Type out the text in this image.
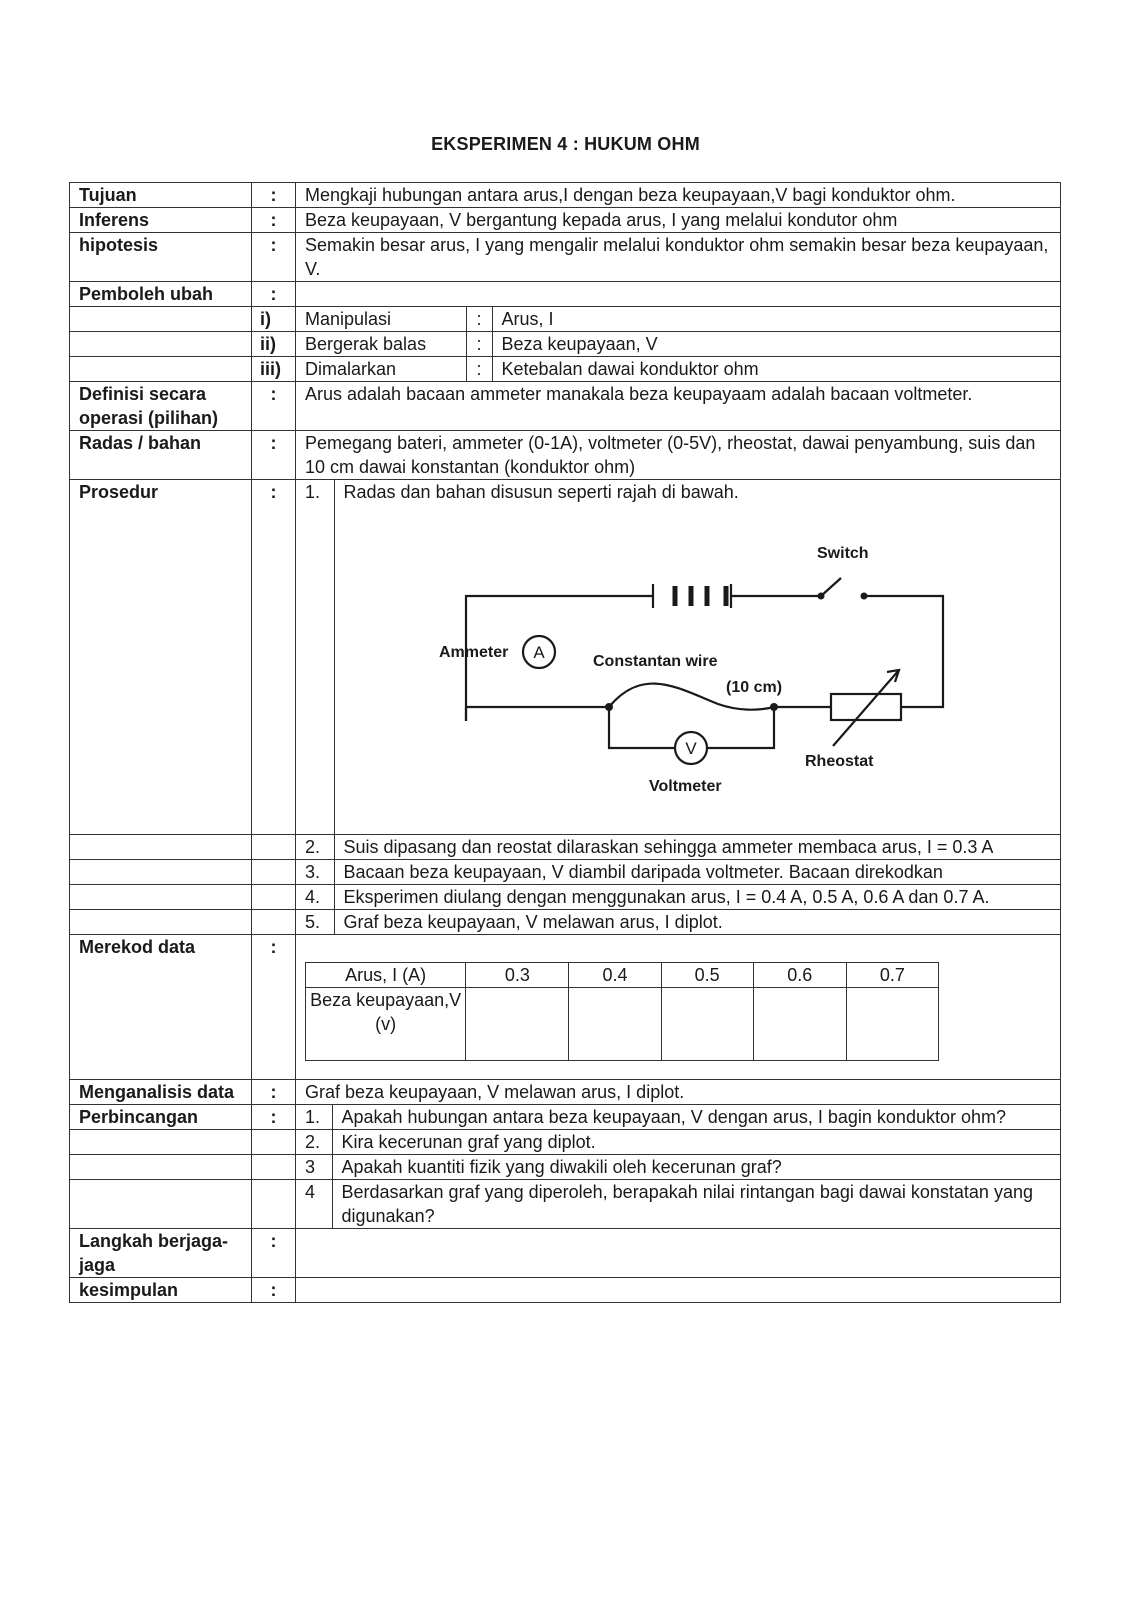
EKSPERIMEN 4 : HUKUM OHM
Tujuan	:	Mengkaji hubungan antara arus,I dengan beza keupayaan,V bagi konduktor ohm.
Inferens	:	Beza keupayaan, V bergantung kepada arus, I yang melalui kondutor ohm
hipotesis	:	Semakin besar arus, I yang mengalir melalui konduktor ohm semakin besar beza keupayaan, V.
Pemboleh ubah	:	
	i)	Manipulasi	:	Arus, I

	ii)	Bergerak balas	:	Beza keupayaan, V

	iii)	Dimalarkan	:	Ketebalan dawai konduktor ohm

Definisi secara operasi (pilihan)	:	Arus adalah bacaan ammeter manakala beza keupayaam adalah bacaan voltmeter.
Radas / bahan	:	Pemegang bateri, ammeter (0-1A), voltmeter (0-5V), rheostat, dawai penyambung, suis dan 10 cm dawai konstantan (konduktor ohm)
Prosedur	:	1.	Radas dan bahan disusun seperti rajah di bawah.

Switch
Ammeter A	Constantan wire
(10 cm)
V
Voltmeter
Rheostat

2.	Suis dipasang dan reostat dilaraskan sehingga ammeter membaca arus, I = 0.3 A

3.	Bacaan beza keupayaan, V diambil daripada voltmeter. Bacaan direkodkan

4.	Eksperimen diulang dengan menggunakan arus, I = 0.4 A, 0.5 A, 0.6 A dan 0.7 A.

5.	Graf beza keupayaan, V melawan arus, I diplot.

Merekod data	:	
Arus, I (A)	0.3	0.4	0.5	0.6	0.7
Beza keupayaan,V (v)					

Menganalisis data	:	Graf beza keupayaan, V melawan arus, I diplot.
Perbincangan	:	1.	Apakah hubungan antara beza keupayaan, V dengan arus, I bagin konduktor ohm?

2.	Kira kecerunan graf yang diplot.

3	Apakah kuantiti fizik yang diwakili oleh kecerunan graf?

4	Berdasarkan graf yang diperoleh, berapakah nilai rintangan bagi dawai konstatan yang digunakan?

Langkah berjaga-jaga	:	
kesimpulan	:	
